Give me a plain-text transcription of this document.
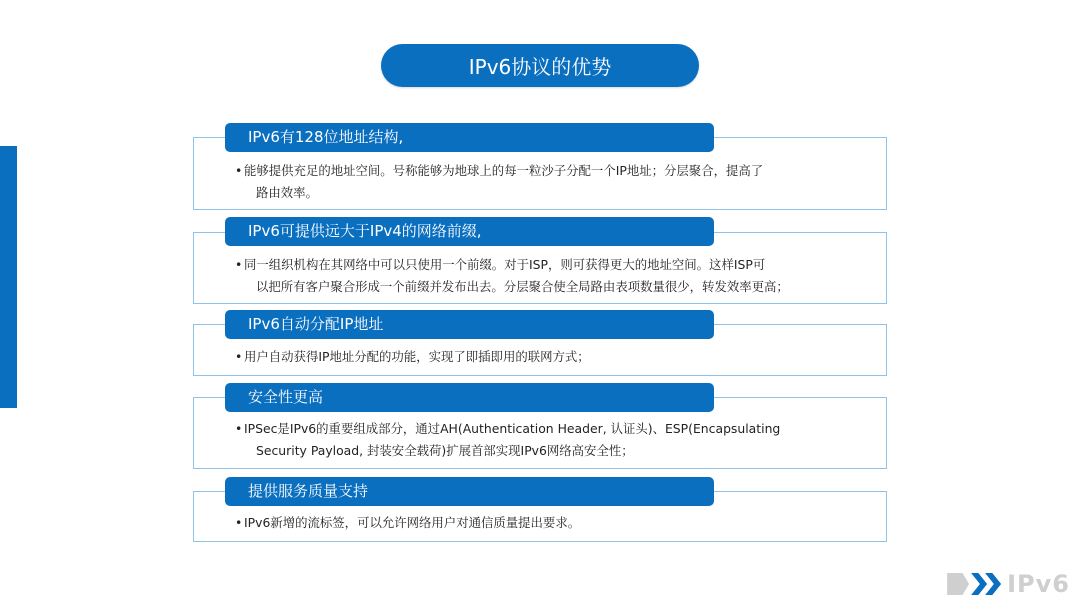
IPv6协议的优势
IPv6有128位地址结构,
• 能够提供充足的地址空间。号称能够为地球上的每一粒沙子分配一个IP地址；分层聚合，提高了
路由效率。
IPv6可提供远大于IPv4的网络前缀,
• 同一组织机构在其网络中可以只使用一个前缀。对于ISP，则可获得更大的地址空间。这样ISP可
以把所有客户聚合形成一个前缀并发布出去。分层聚合使全局路由表项数量很少，转发效率更高；
IPv6自动分配IP地址
• 用户自动获得IP地址分配的功能，实现了即插即用的联网方式；
安全性更高
• IPSec是IPv6的重要组成部分，通过AH(Authentication Header, 认证头)、ESP(Encapsulating
Security Payload, 封装安全载荷)扩展首部实现IPv6网络高安全性；
提供服务质量支持
• IPv6新增的流标签，可以允许网络用户对通信质量提出要求。
IPv6
